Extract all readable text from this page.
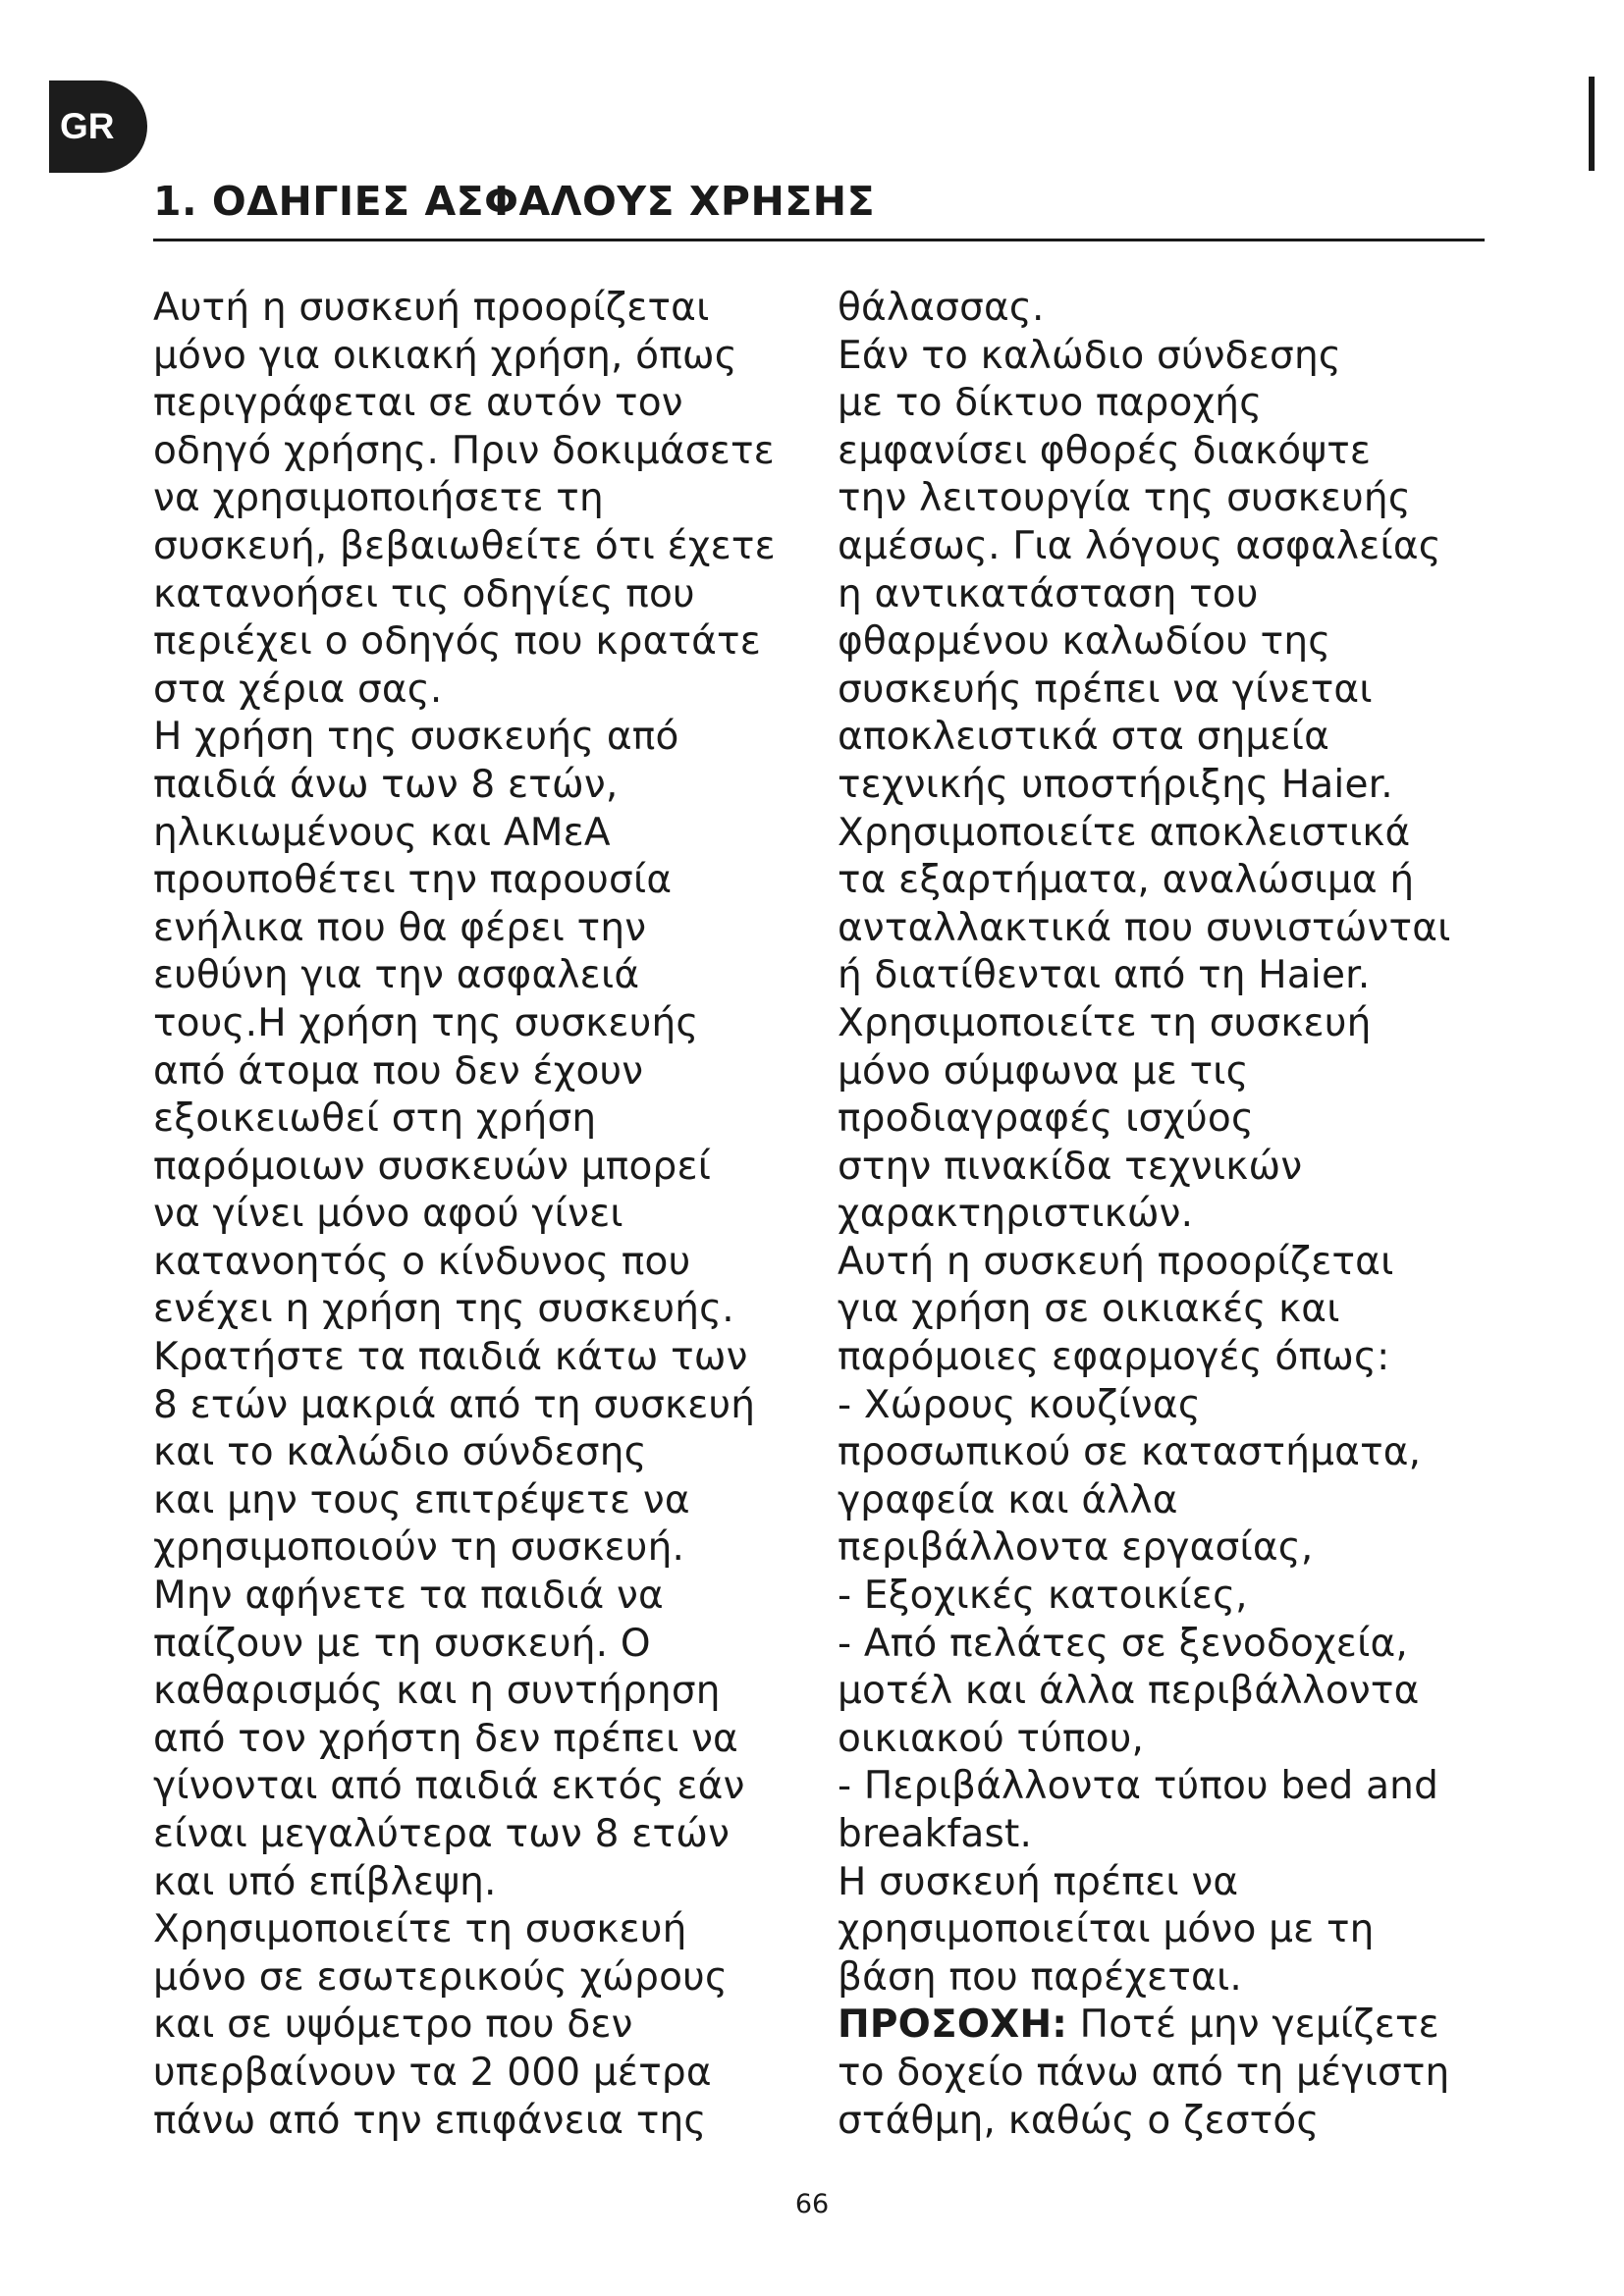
GR
1. ΟΔΗΓΙΕΣ ΑΣΦΑΛΟΥΣ ΧΡΗΣΗΣ
Αυτή η συσκευή προορίζεται
μόνο για οικιακή χρήση, όπως
περιγράφεται σε αυτόν τον
οδηγό χρήσης. Πριν δοκιμάσετε
να χρησιμοποιήσετε τη
συσκευή, βεβαιωθείτε ότι έχετε
κατανοήσει τις οδηγίες που
περιέχει ο οδηγός που κρατάτε
στα χέρια σας.
Η χρήση της συσκευής από
παιδιά άνω των 8 ετών,
ηλικιωμένους και ΑΜεΑ
προυποθέτει την παρουσία
ενήλικα που θα φέρει την
ευθύνη για την ασφαλειά
τους.Η χρήση της συσκευής
από άτομα που δεν έχουν
εξοικειωθεί στη χρήση
παρόμοιων συσκευών μπορεί
να γίνει μόνο αφού γίνει
κατανοητός ο κίνδυνος που
ενέχει η χρήση της συσκευής.
Κρατήστε τα παιδιά κάτω των
8 ετών μακριά από τη συσκευή
και το καλώδιο σύνδεσης
και μην τους επιτρέψετε να
χρησιμοποιούν τη συσκευή.
Μην αφήνετε τα παιδιά να
παίζουν με τη συσκευή. Ο
καθαρισμός και η συντήρηση
από τον χρήστη δεν πρέπει να
γίνονται από παιδιά εκτός εάν
είναι μεγαλύτερα των 8 ετών
και υπό επίβλεψη.
Χρησιμοποιείτε τη συσκευή
μόνο σε εσωτερικούς χώρους
και σε υψόμετρο που δεν
υπερβαίνουν τα 2 000 μέτρα
πάνω από την επιφάνεια της
θάλασσας.
Εάν το καλώδιο σύνδεσης
με το δίκτυο παροχής
εμφανίσει φθορές διακόψτε
την λειτουργία της συσκευής
αμέσως. Για λόγους ασφαλείας
η αντικατάσταση του
φθαρμένου καλωδίου της
συσκευής πρέπει να γίνεται
αποκλειστικά στα σημεία
τεχνικής υποστήριξης Haier.
Χρησιμοποιείτε αποκλειστικά
τα εξαρτήματα, αναλώσιμα ή
ανταλλακτικά που συνιστώνται
ή διατίθενται από τη Haier.
Χρησιμοποιείτε τη συσκευή
μόνο σύμφωνα με τις
προδιαγραφές ισχύος
στην πινακίδα τεχνικών
χαρακτηριστικών.
Αυτή η συσκευή προορίζεται
για χρήση σε οικιακές και
παρόμοιες εφαρμογές όπως:
- Χώρους κουζίνας
προσωπικού σε καταστήματα,
γραφεία και άλλα
περιβάλλοντα εργασίας,
- Εξοχικές κατοικίες,
- Από πελάτες σε ξενοδοχεία,
μοτέλ και άλλα περιβάλλοντα
οικιακού τύπου,
- Περιβάλλοντα τύπου bed and
breakfast.
Η συσκευή πρέπει να
χρησιμοποιείται μόνο με τη
βάση που παρέχεται.
ΠΡΟΣΟΧΗ: Ποτέ μην γεμίζετε
το δοχείο πάνω από τη μέγιστη
στάθμη, καθώς ο ζεστός
66
